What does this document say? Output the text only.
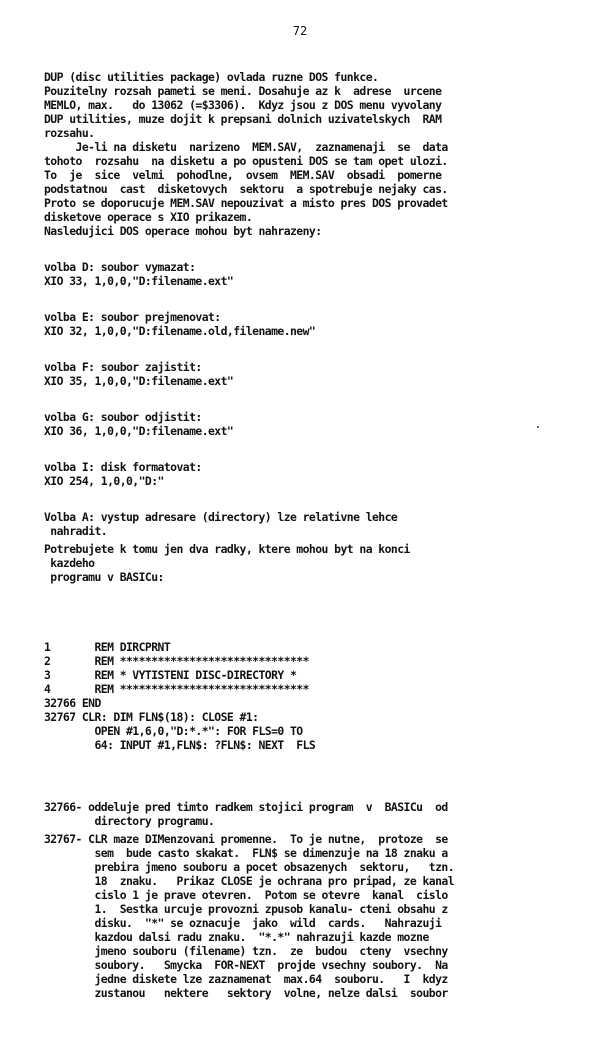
72
DUP (disc utilities package) ovlada ruzne DOS funkce.
Pouzitelny rozsah pameti se meni. Dosahuje az k  adrese  urcene
MEMLO, max.   do 13062 (=$3306).  Kdyz jsou z DOS menu vyvolany
DUP utilities, muze dojit k prepsani dolnich uzivatelskych  RAM
rozsahu.
Je-li na disketu  narizeno  MEM.SAV,  zaznamenaji  se  data
tohoto  rozsahu  na disketu a po opusteni DOS se tam opet ulozi.
To  je  sice  velmi  pohodlne,  ovsem  MEM.SAV  obsadi  pomerne
podstatnou  cast  disketovych  sektoru  a spotrebuje nejaky cas.
Proto se doporucuje MEM.SAV nepouzivat a misto pres DOS provadet
disketove operace s XIO prikazem.
Nasledujici DOS operace mohou byt nahrazeny:
volba D: soubor vymazat:
XIO 33, 1,0,0,"D:filename.ext"
volba E: soubor prejmenovat:
XIO 32, 1,0,0,"D:filename.old,filename.new"
volba F: soubor zajistit:
XIO 35, 1,0,0,"D:filename.ext"
volba G: soubor odjistit:
XIO 36, 1,0,0,"D:filename.ext"
volba I: disk formatovat:
XIO 254, 1,0,0,"D:"
Volba A: vystup adresare (directory) lze relativne lehce
nahradit.
Potrebujete k tomu jen dva radky, ktere mohou byt na konci
kazdeho
programu v BASICu:
1       REM DIRCPRNT
2       REM ******************************
3       REM * VYTISTENI DISC-DIRECTORY *
4       REM ******************************
32766 END
32767 CLR: DIM FLN$(18): CLOSE #1:
OPEN #1,6,0,"D:*.*": FOR FLS=0 TO
64: INPUT #1,FLN$: ?FLN$: NEXT  FLS
32766- oddeluje pred timto radkem stojici program  v  BASICu  od
directory programu.
32767- CLR maze DIMenzovani promenne.  To je nutne,  protoze  se
sem  bude casto skakat.  FLN$ se dimenzuje na 18 znaku a
prebira jmeno souboru a pocet obsazenych  sektoru,   tzn.
18  znaku.   Prikaz CLOSE je ochrana pro pripad, ze kanal
cislo 1 je prave otevren.  Potom se otevre  kanal  cislo
1.  Sestka urcuje provozni zpusob kanalu- cteni obsahu z
disku.  "*" se oznacuje  jako  wild  cards.   Nahrazuji
kazdou dalsi radu znaku.  "*.*" nahrazuji kazde mozne
jmeno souboru (filename) tzn.  ze  budou  cteny  vsechny
soubory.   Smycka  FOR-NEXT  projde vsechny soubory.  Na
jedne diskete lze zaznamenat  max.64  souboru.   I  kdyz
zustanou   nektere   sektory  volne, nelze dalsi  soubor
